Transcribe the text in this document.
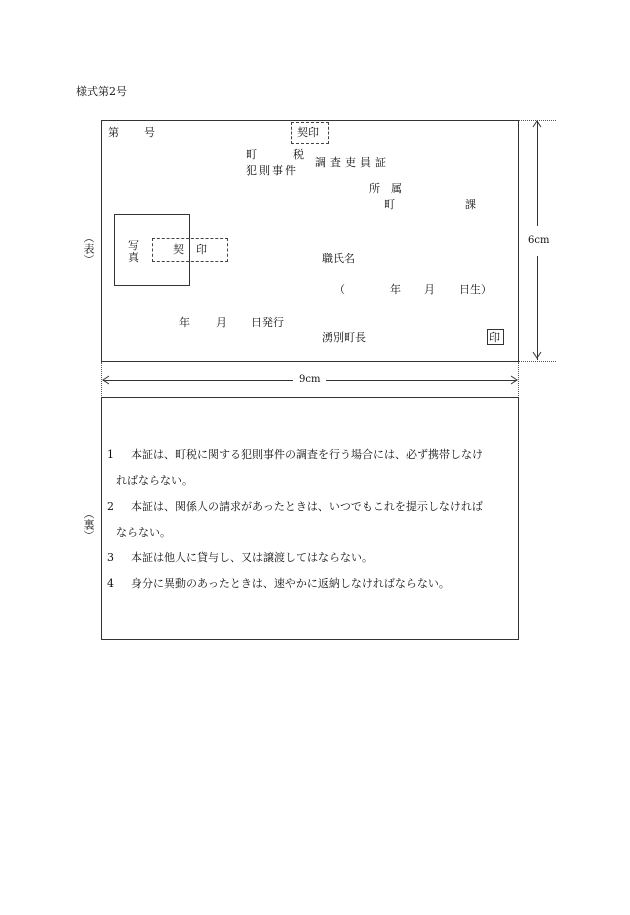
様式第2号
（表）
第 号	契印
町	税
犯則事件
調査吏員証
所　属
町	課
写
真
契 印
職氏名
（	年 月 日生）
年 月 日発行
湧別町長	印
6cm
9cm
（裏）
1 本証は、町税に関する犯則事件の調査を行う場合には、必ず携帯しなけ
ればならない。
2 本証は、関係人の請求があったときは、いつでもこれを提示しなければ
ならない。
3 本証は他人に貸与し、又は譲渡してはならない。
4 身分に異動のあったときは、速やかに返納しなければならない。
